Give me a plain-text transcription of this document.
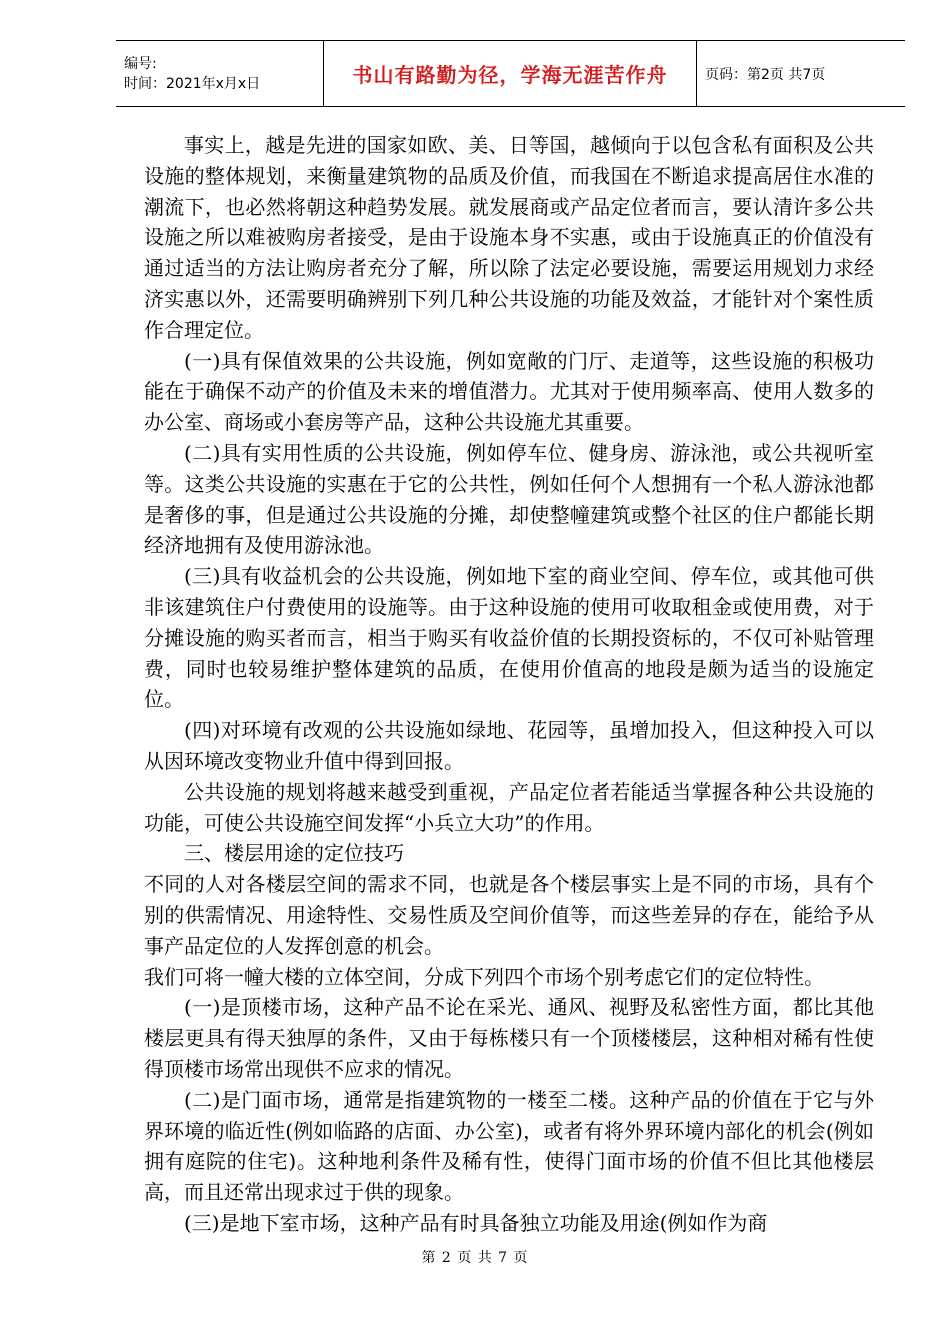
编号:
时间：2021年x月x日	书山有路勤为径，学海无涯苦作舟	页码：第2页 共7页

事实上，越是先进的国家如欧、美、日等国，越倾向于以包含私有面积及公共设施的整体规划，来衡量建筑物的品质及价值，而我国在不断追求提高居住水准的潮流下，也必然将朝这种趋势发展。就发展商或产品定位者而言，要认清许多公共设施之所以难被购房者接受，是由于设施本身不实惠，或由于设施真正的价值没有通过适当的方法让购房者充分了解，所以除了法定必要设施，需要运用规划力求经济实惠以外，还需要明确辨别下列几种公共设施的功能及效益，才能针对个案性质作合理定位。

(一)具有保值效果的公共设施，例如宽敞的门厅、走道等，这些设施的积极功能在于确保不动产的价值及未来的增值潜力。尤其对于使用频率高、使用人数多的办公室、商场或小套房等产品，这种公共设施尤其重要。

(二)具有实用性质的公共设施，例如停车位、健身房、游泳池，或公共视听室等。这类公共设施的实惠在于它的公共性，例如任何个人想拥有一个私人游泳池都是奢侈的事，但是通过公共设施的分摊，却使整幢建筑或整个社区的住户都能长期经济地拥有及使用游泳池。

(三)具有收益机会的公共设施，例如地下室的商业空间、停车位，或其他可供非该建筑住户付费使用的设施等。由于这种设施的使用可收取租金或使用费，对于分摊设施的购买者而言，相当于购买有收益价值的长期投资标的，不仅可补贴管理费，同时也较易维护整体建筑的品质，在使用价值高的地段是颇为适当的设施定位。

(四)对环境有改观的公共设施如绿地、花园等，虽增加投入，但这种投入可以从因环境改变物业升值中得到回报。

公共设施的规划将越来越受到重视，产品定位者若能适当掌握各种公共设施的功能，可使公共设施空间发挥“小兵立大功”的作用。

三、楼层用途的定位技巧

不同的人对各楼层空间的需求不同，也就是各个楼层事实上是不同的市场，具有个别的供需情况、用途特性、交易性质及空间价值等，而这些差异的存在，能给予从事产品定位的人发挥创意的机会。

我们可将一幢大楼的立体空间，分成下列四个市场个别考虑它们的定位特性。

(一)是顶楼市场，这种产品不论在采光、通风、视野及私密性方面，都比其他楼层更具有得天独厚的条件，又由于每栋楼只有一个顶楼楼层，这种相对稀有性使得顶楼市场常出现供不应求的情况。

(二)是门面市场，通常是指建筑物的一楼至二楼。这种产品的价值在于它与外界环境的临近性(例如临路的店面、办公室)，或者有将外界环境内部化的机会(例如拥有庭院的住宅)。这种地利条件及稀有性，使得门面市场的价值不但比其他楼层高，而且还常出现求过于供的现象。

(三)是地下室市场，这种产品有时具备独立功能及用途(例如作为商

第 2 页 共 7 页
